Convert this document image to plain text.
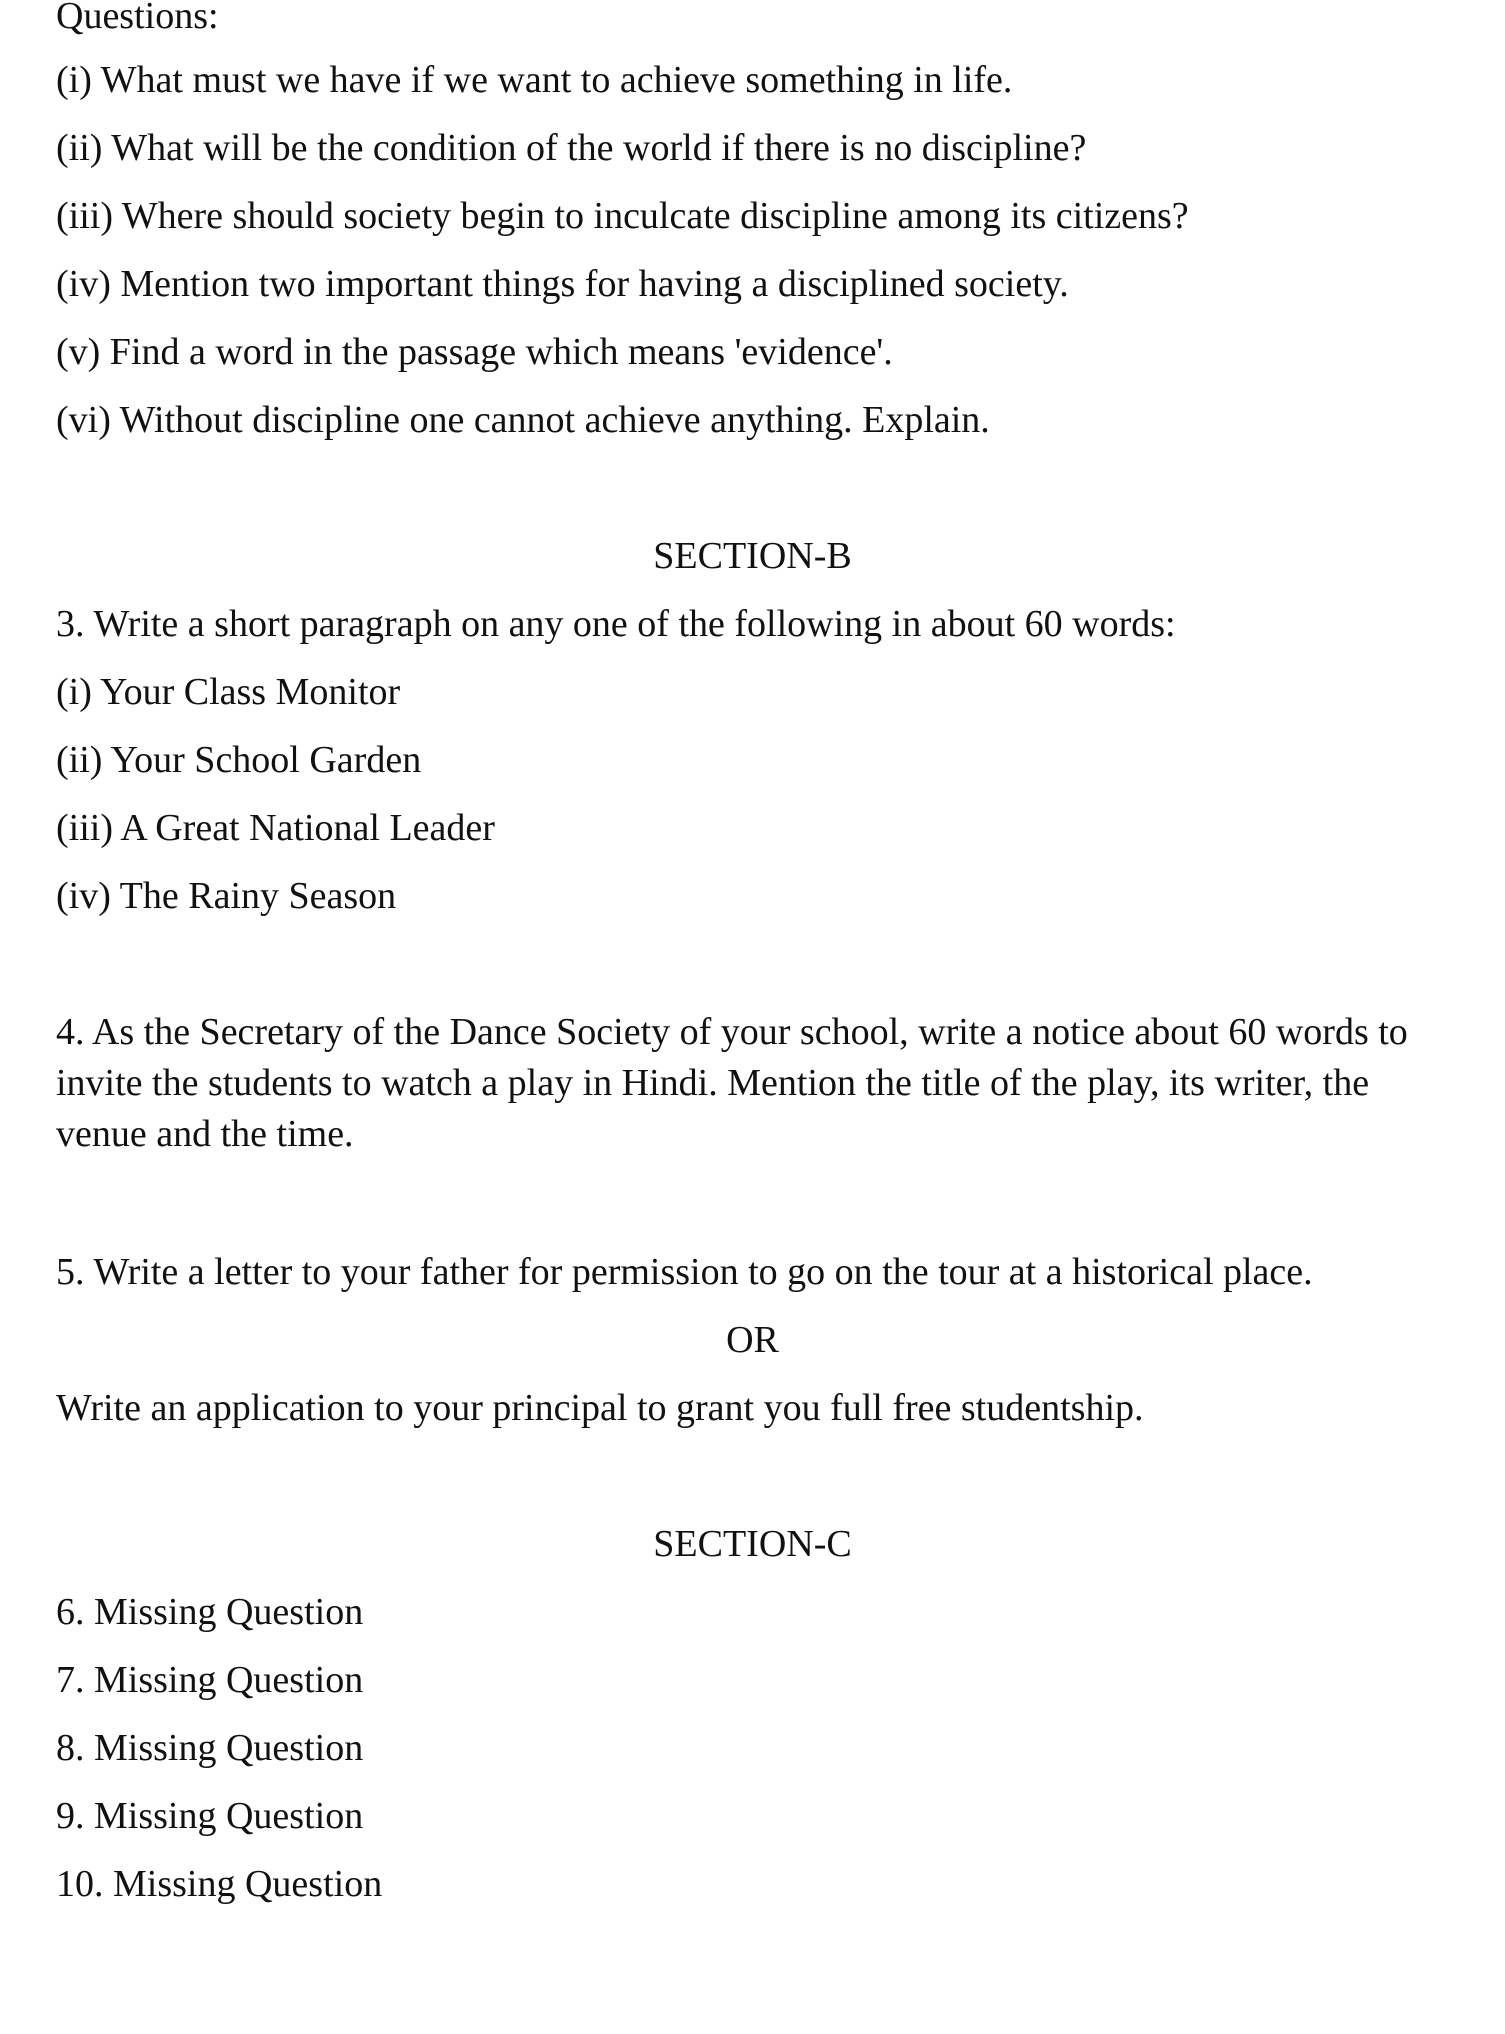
Questions:
(i) What must we have if we want to achieve something in life.
(ii) What will be the condition of the world if there is no discipline?
(iii) Where should society begin to inculcate discipline among its citizens?
(iv) Mention two important things for having a disciplined society.
(v) Find a word in the passage which means 'evidence'.
(vi) Without discipline one cannot achieve anything. Explain.
SECTION-B
3. Write a short paragraph on any one of the following in about 60 words:
(i) Your Class Monitor
(ii) Your School Garden
(iii) A Great National Leader
(iv) The Rainy Season
4. As the Secretary of the Dance Society of your school, write a notice about 60 words to
invite the students to watch a play in Hindi. Mention the title of the play, its writer, the
venue and the time.
5. Write a letter to your father for permission to go on the tour at a historical place.
OR
Write an application to your principal to grant you full free studentship.
SECTION-C
6. Missing Question
7. Missing Question
8. Missing Question
9. Missing Question
10. Missing Question
